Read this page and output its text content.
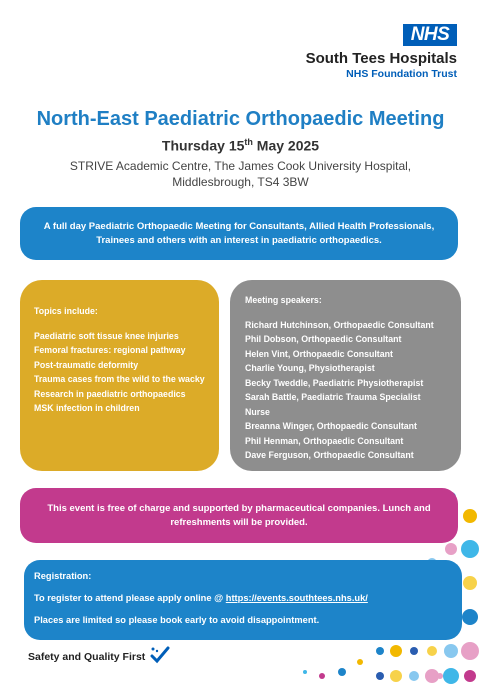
NHS
South Tees Hospitals
NHS Foundation Trust
North-East Paediatric Orthopaedic Meeting
Thursday 15th May 2025
STRIVE Academic Centre, The James Cook University Hospital,
Middlesbrough, TS4 3BW
A full day Paediatric Orthopaedic Meeting for Consultants, Allied Health Professionals, Trainees and others with an interest in paediatric orthopaedics.
Topics include:
Paediatric soft tissue knee injuries
Femoral fractures: regional pathway
Post-traumatic deformity
Trauma cases from the wild to the wacky
Research in paediatric orthopaedics
MSK infection in children
Meeting speakers:
Richard Hutchinson, Orthopaedic Consultant
Phil Dobson, Orthopaedic Consultant
Helen Vint, Orthopaedic Consultant
Charlie Young, Physiotherapist
Becky Tweddle, Paediatric Physiotherapist
Sarah Battle, Paediatric Trauma Specialist Nurse
Breanna Winger, Orthopaedic Consultant
Phil Henman, Orthopaedic Consultant
Dave Ferguson, Orthopaedic Consultant
This event is free of charge and supported by pharmaceutical companies. Lunch and refreshments will be provided.
Registration:
To register to attend please apply online @ https://events.southtees.nhs.uk/
Places are limited so please book early to avoid disappointment.
Safety and Quality First
